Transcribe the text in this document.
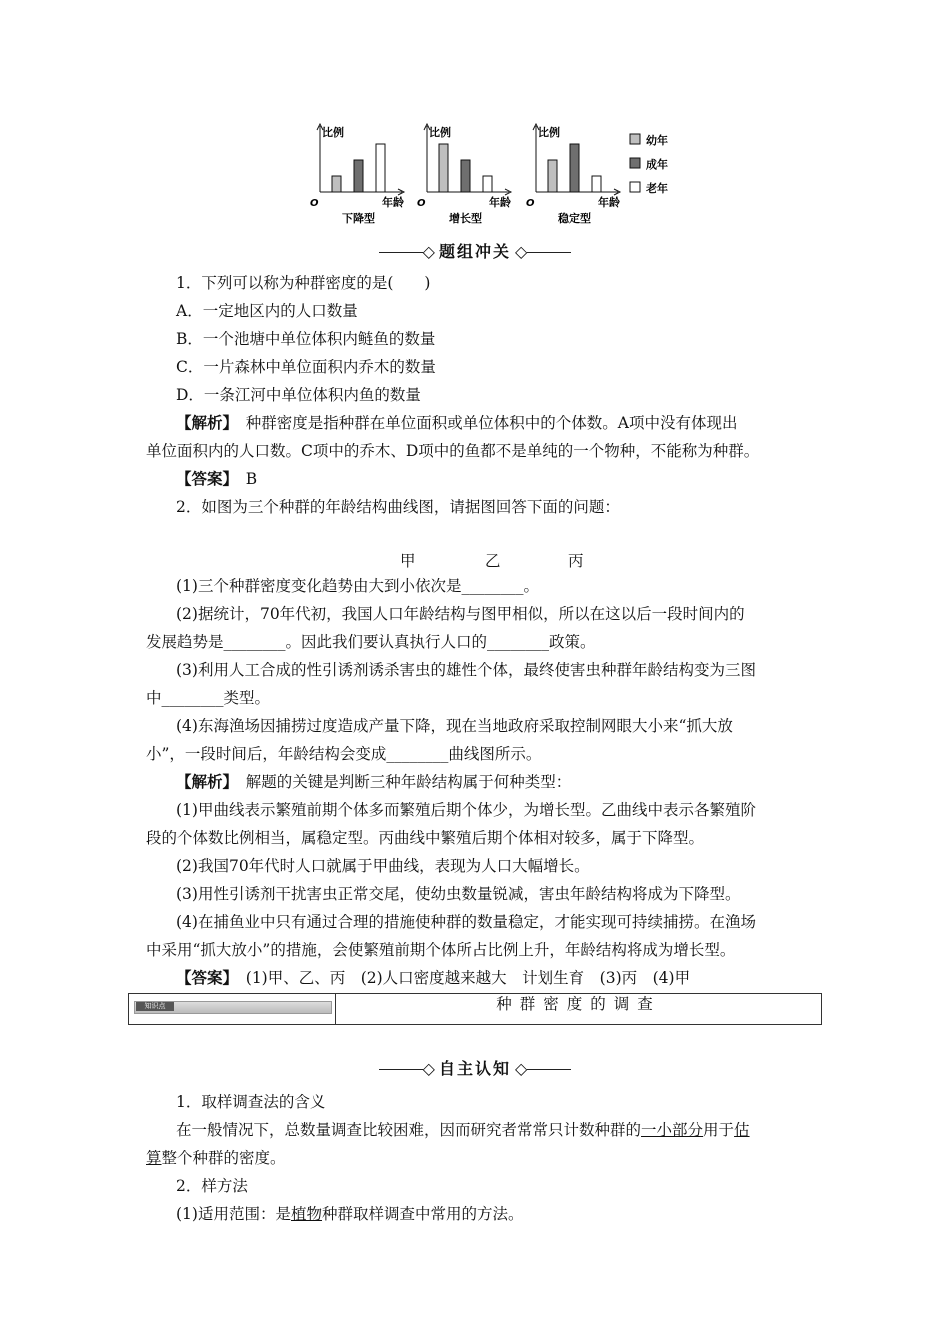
比例
O	年龄
下降型
比例
O	年龄
增长型
比例
O	年龄
稳定型
幼年
成年
老年
◇ 题组冲关 ◇
1．下列可以称为种群密度的是(　　)
A．一定地区内的人口数量
B．一个池塘中单位体积内鲢鱼的数量
C．一片森林中单位面积内乔木的数量
D．一条江河中单位体积内鱼的数量
【解析】　种群密度是指种群在单位面积或单位体积中的个体数。A项中没有体现出
单位面积内的人口数。C项中的乔木、D项中的鱼都不是单纯的一个物种，不能称为种群。
【答案】　B
2．如图为三个种群的年龄结构曲线图，请据图回答下面的问题：
甲	乙	丙
(1)三个种群密度变化趋势由大到小依次是________。
(2)据统计，70年代初，我国人口年龄结构与图甲相似，所以在这以后一段时间内的
发展趋势是________。因此我们要认真执行人口的________政策。
(3)利用人工合成的性引诱剂诱杀害虫的雄性个体，最终使害虫种群年龄结构变为三图
中________类型。
(4)东海渔场因捕捞过度造成产量下降，现在当地政府采取控制网眼大小来“抓大放
小”，一段时间后，年龄结构会变成________曲线图所示。
【解析】　解题的关键是判断三种年龄结构属于何种类型：
(1)甲曲线表示繁殖前期个体多而繁殖后期个体少，为增长型。乙曲线中表示各繁殖阶
段的个体数比例相当，属稳定型。丙曲线中繁殖后期个体相对较多，属于下降型。
(2)我国70年代时人口就属于甲曲线，表现为人口大幅增长。
(3)用性引诱剂干扰害虫正常交尾，使幼虫数量锐减，害虫年龄结构将成为下降型。
(4)在捕鱼业中只有通过合理的措施使种群的数量稳定，才能实现可持续捕捞。在渔场
中采用“抓大放小”的措施，会使繁殖前期个体所占比例上升，年龄结构将成为增长型。
【答案】　(1)甲、乙、丙　(2)人口密度越来越大　计划生育　(3)丙　(4)甲
知识点	种群密度的调查
◇ 自主认知 ◇
1．取样调查法的含义
在一般情况下，总数量调查比较困难，因而研究者常常只计数种群的一小部分用于估
算整个种群的密度。
2．样方法
(1)适用范围：是植物种群取样调查中常用的方法。
